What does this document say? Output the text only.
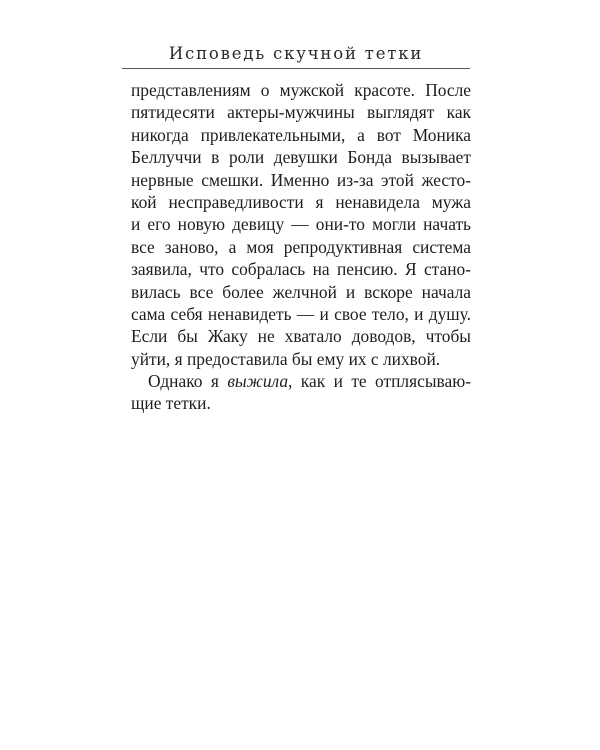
Исповедь скучной тетки
представлениям о мужской красоте. После
пятидесяти актеры-мужчины выглядят как
никогда привлекательными, а вот Моника
Беллуччи в роли девушки Бонда вызывает
нервные смешки. Именно из-за этой жесто-
кой несправедливости я ненавидела мужа
и его новую девицу — они-то могли начать
все заново, а моя репродуктивная система
заявила, что собралась на пенсию. Я стано-
вилась все более желчной и вскоре начала
сама себя ненавидеть — и свое тело, и душу.
Если бы Жаку не хватало доводов, чтобы
уйти, я предоставила бы ему их с лихвой.
Однако я выжила, как и те отплясываю-
щие тетки.
